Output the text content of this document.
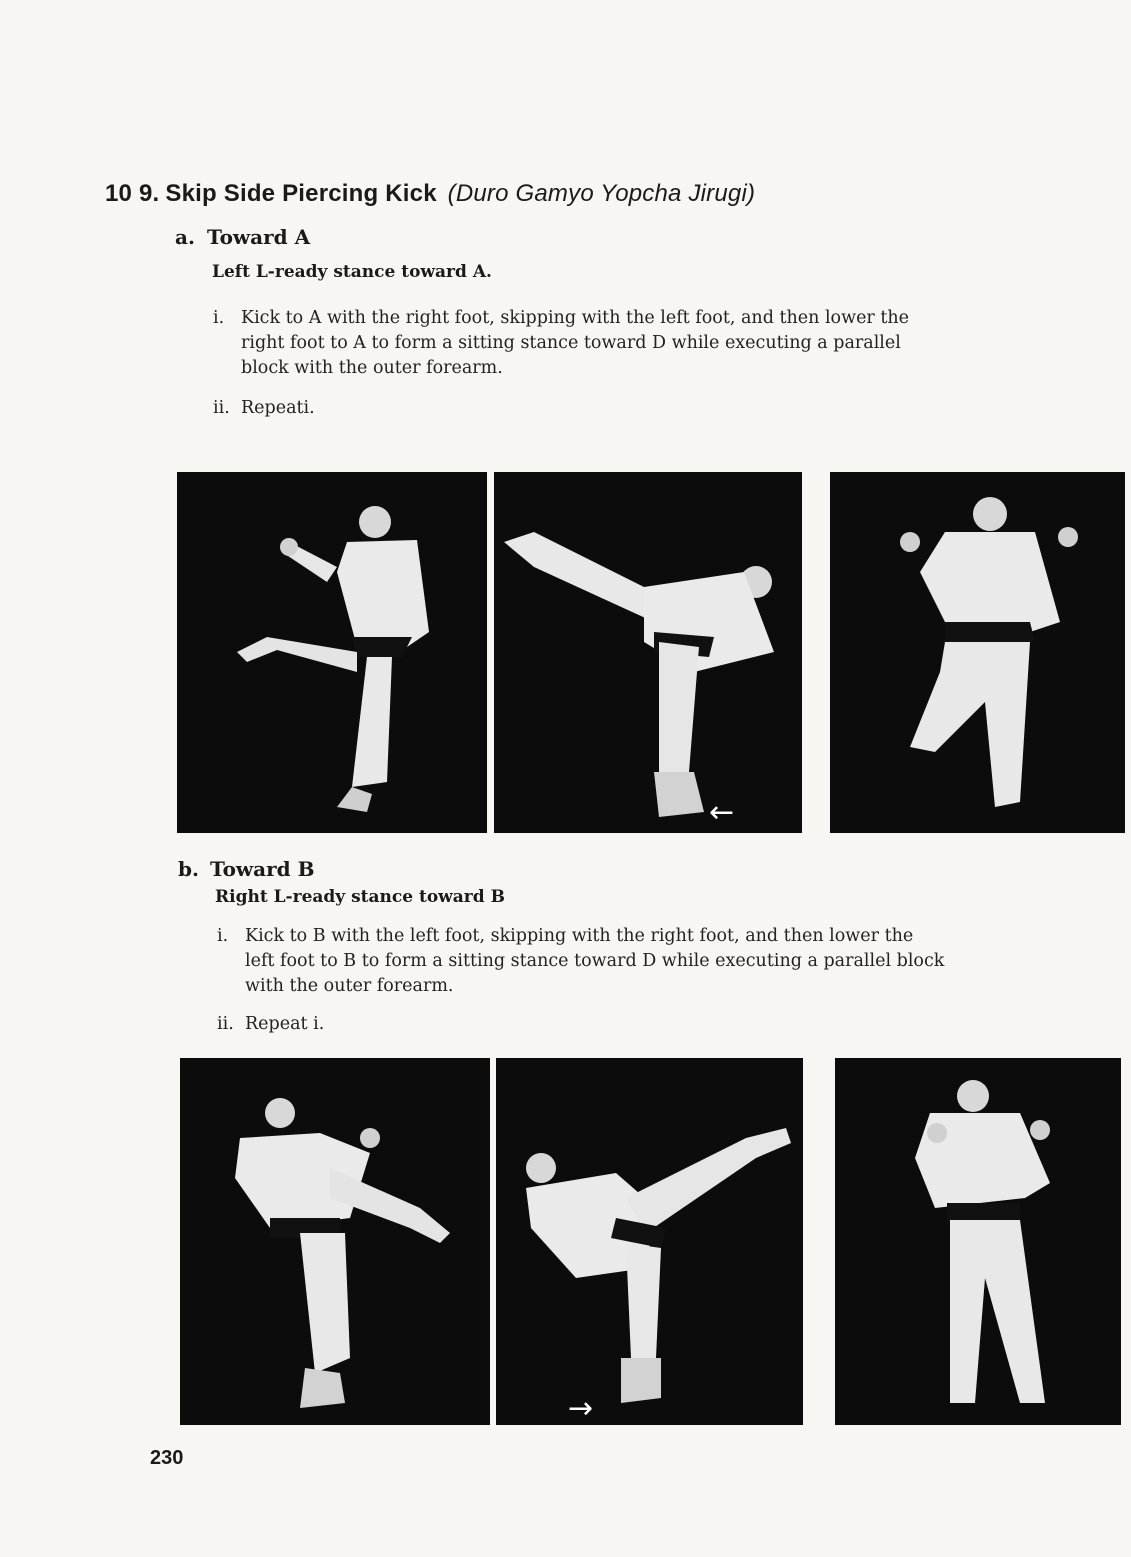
10 9. Skip Side Piercing Kick (Duro Gamyo Yopcha Jirugi)
a. Toward A
Left L-ready stance toward A.
i. Kick to A with the right foot, skipping with the left foot, and then lower the right foot to A to form a sitting stance toward D while executing a parallel block with the outer forearm.
ii. Repeati.
←
b. Toward B
Right L-ready stance toward B
i. Kick to B with the left foot, skipping with the right foot, and then lower the left foot to B to form a sitting stance toward D while executing a parallel block with the outer forearm.
ii. Repeat i.
→
230
